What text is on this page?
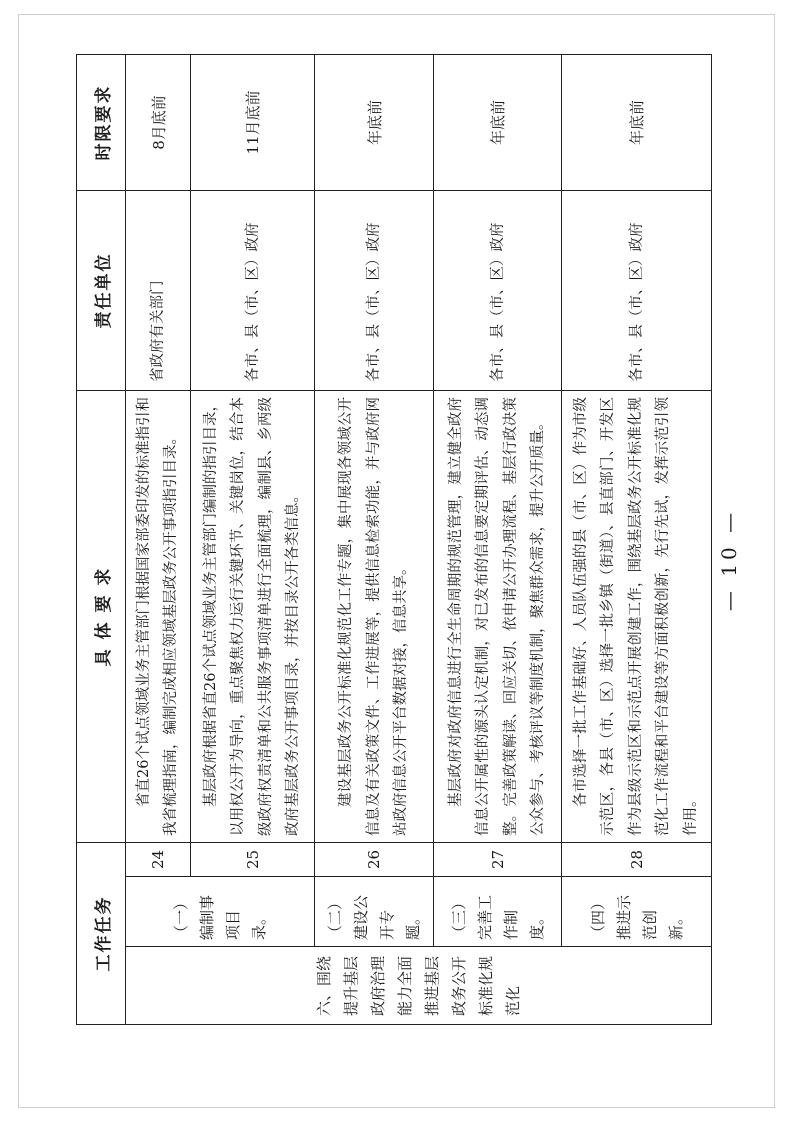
工作任务			具 体 要 求	责任单位	时限要求
六、围绕提升基层政府治理能力全面推进基层政务公开标准化规范化	（一）编制事项目录。	24	省直26个试点领域业务主管部门根据国家部委印发的标准指引和我省梳理指南，编制完成相应领域基层政务公开事项指引目录。	省政府有关部门	8月底前
		25	基层政府根据省直26个试点领域业务主管部门编制的指引目录，以用权公开为导向，重点聚焦权力运行关键环节、关键岗位，结合本级政府权责清单和公共服务事项清单进行全面梳理，编制县、乡两级政府基层政务公开事项目录，并按目录公开各类信息。	各市、县（市、区）政府	11月底前
	（二）建设公开专题。	26	建设基层政务公开标准化规范化工作专题，集中展现各领域公开信息及有关政策文件、工作进展等，提供信息检索功能，并与政府网站政府信息公开平台数据对接，信息共享。	各市、县（市、区）政府	年底前
	（三）完善工作制度。	27	基层政府对政府信息进行全生命周期的规范管理，建立健全政府信息公开属性的源头认定机制，对已发布的信息要定期评估、动态调整。完善政策解读、回应关切、依申请公开办理流程、基层行政决策公众参与、考核评议等制度机制，聚焦群众需求，提升公开质量。	各市、县（市、区）政府	年底前
	（四）推进示范创新。	28	各市选择一批工作基础好、人员队伍强的县（市、区）作为市级示范区，各县（市、区）选择一批乡镇（街道）、县直部门、开发区作为县级示范区和示范点开展创建工作，围绕基层政务公开标准化规范化工作流程和平台建设等方面积极创新，先行先试，发挥示范引领作用。	各市、县（市、区）政府	年底前
— 10 —
